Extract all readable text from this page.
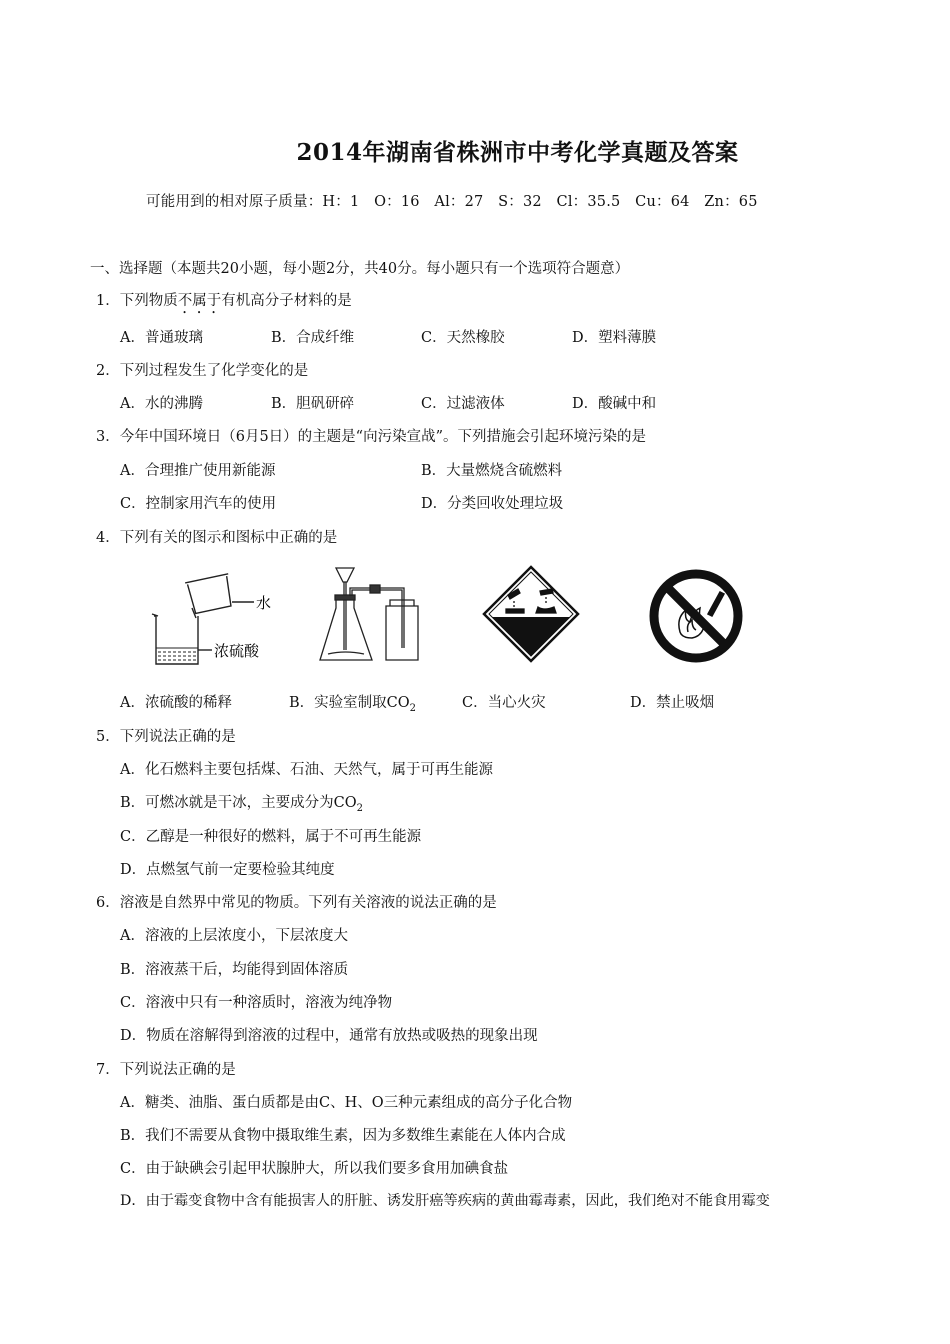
2014年湖南省株洲市中考化学真题及答案
可能用到的相对原子质量：H：1　O：16　Al：27　S：32　Cl：35.5　Cu：64　Zn：65
一、选择题（本题共20小题，每小题2分，共40分。每小题只有一个选项符合题意）
1．下列物质不属于有机高分子材料的是
A．普通玻璃	B．合成纤维	C．天然橡胶	D．塑料薄膜
2．下列过程发生了化学变化的是
A．水的沸腾	B．胆矾研碎	C．过滤液体	D．酸碱中和
3．今年中国环境日（6月5日）的主题是“向污染宣战”。下列措施会引起环境污染的是
A．合理推广使用新能源	B．大量燃烧含硫燃料
C．控制家用汽车的使用	D．分类回收处理垃圾
4．下列有关的图示和图标中正确的是
水
浓硫酸
A．浓硫酸的稀释	B．实验室制取$CO_2$	C．当心火灾	D．禁止吸烟
5．下列说法正确的是
A．化石燃料主要包括煤、石油、天然气，属于可再生能源
B．可燃冰就是干冰，主要成分为$CO_2$
C．乙醇是一种很好的燃料，属于不可再生能源
D．点燃氢气前一定要检验其纯度
6．溶液是自然界中常见的物质。下列有关溶液的说法正确的是
A．溶液的上层浓度小，下层浓度大
B．溶液蒸干后，均能得到固体溶质
C．溶液中只有一种溶质时，溶液为纯净物
D．物质在溶解得到溶液的过程中，通常有放热或吸热的现象出现
7．下列说法正确的是
A．糖类、油脂、蛋白质都是由C、H、O三种元素组成的高分子化合物
B．我们不需要从食物中摄取维生素，因为多数维生素能在人体内合成
C．由于缺碘会引起甲状腺肿大，所以我们要多食用加碘食盐
D．由于霉变食物中含有能损害人的肝脏、诱发肝癌等疾病的黄曲霉毒素，因此，我们绝对不能食用霉变
